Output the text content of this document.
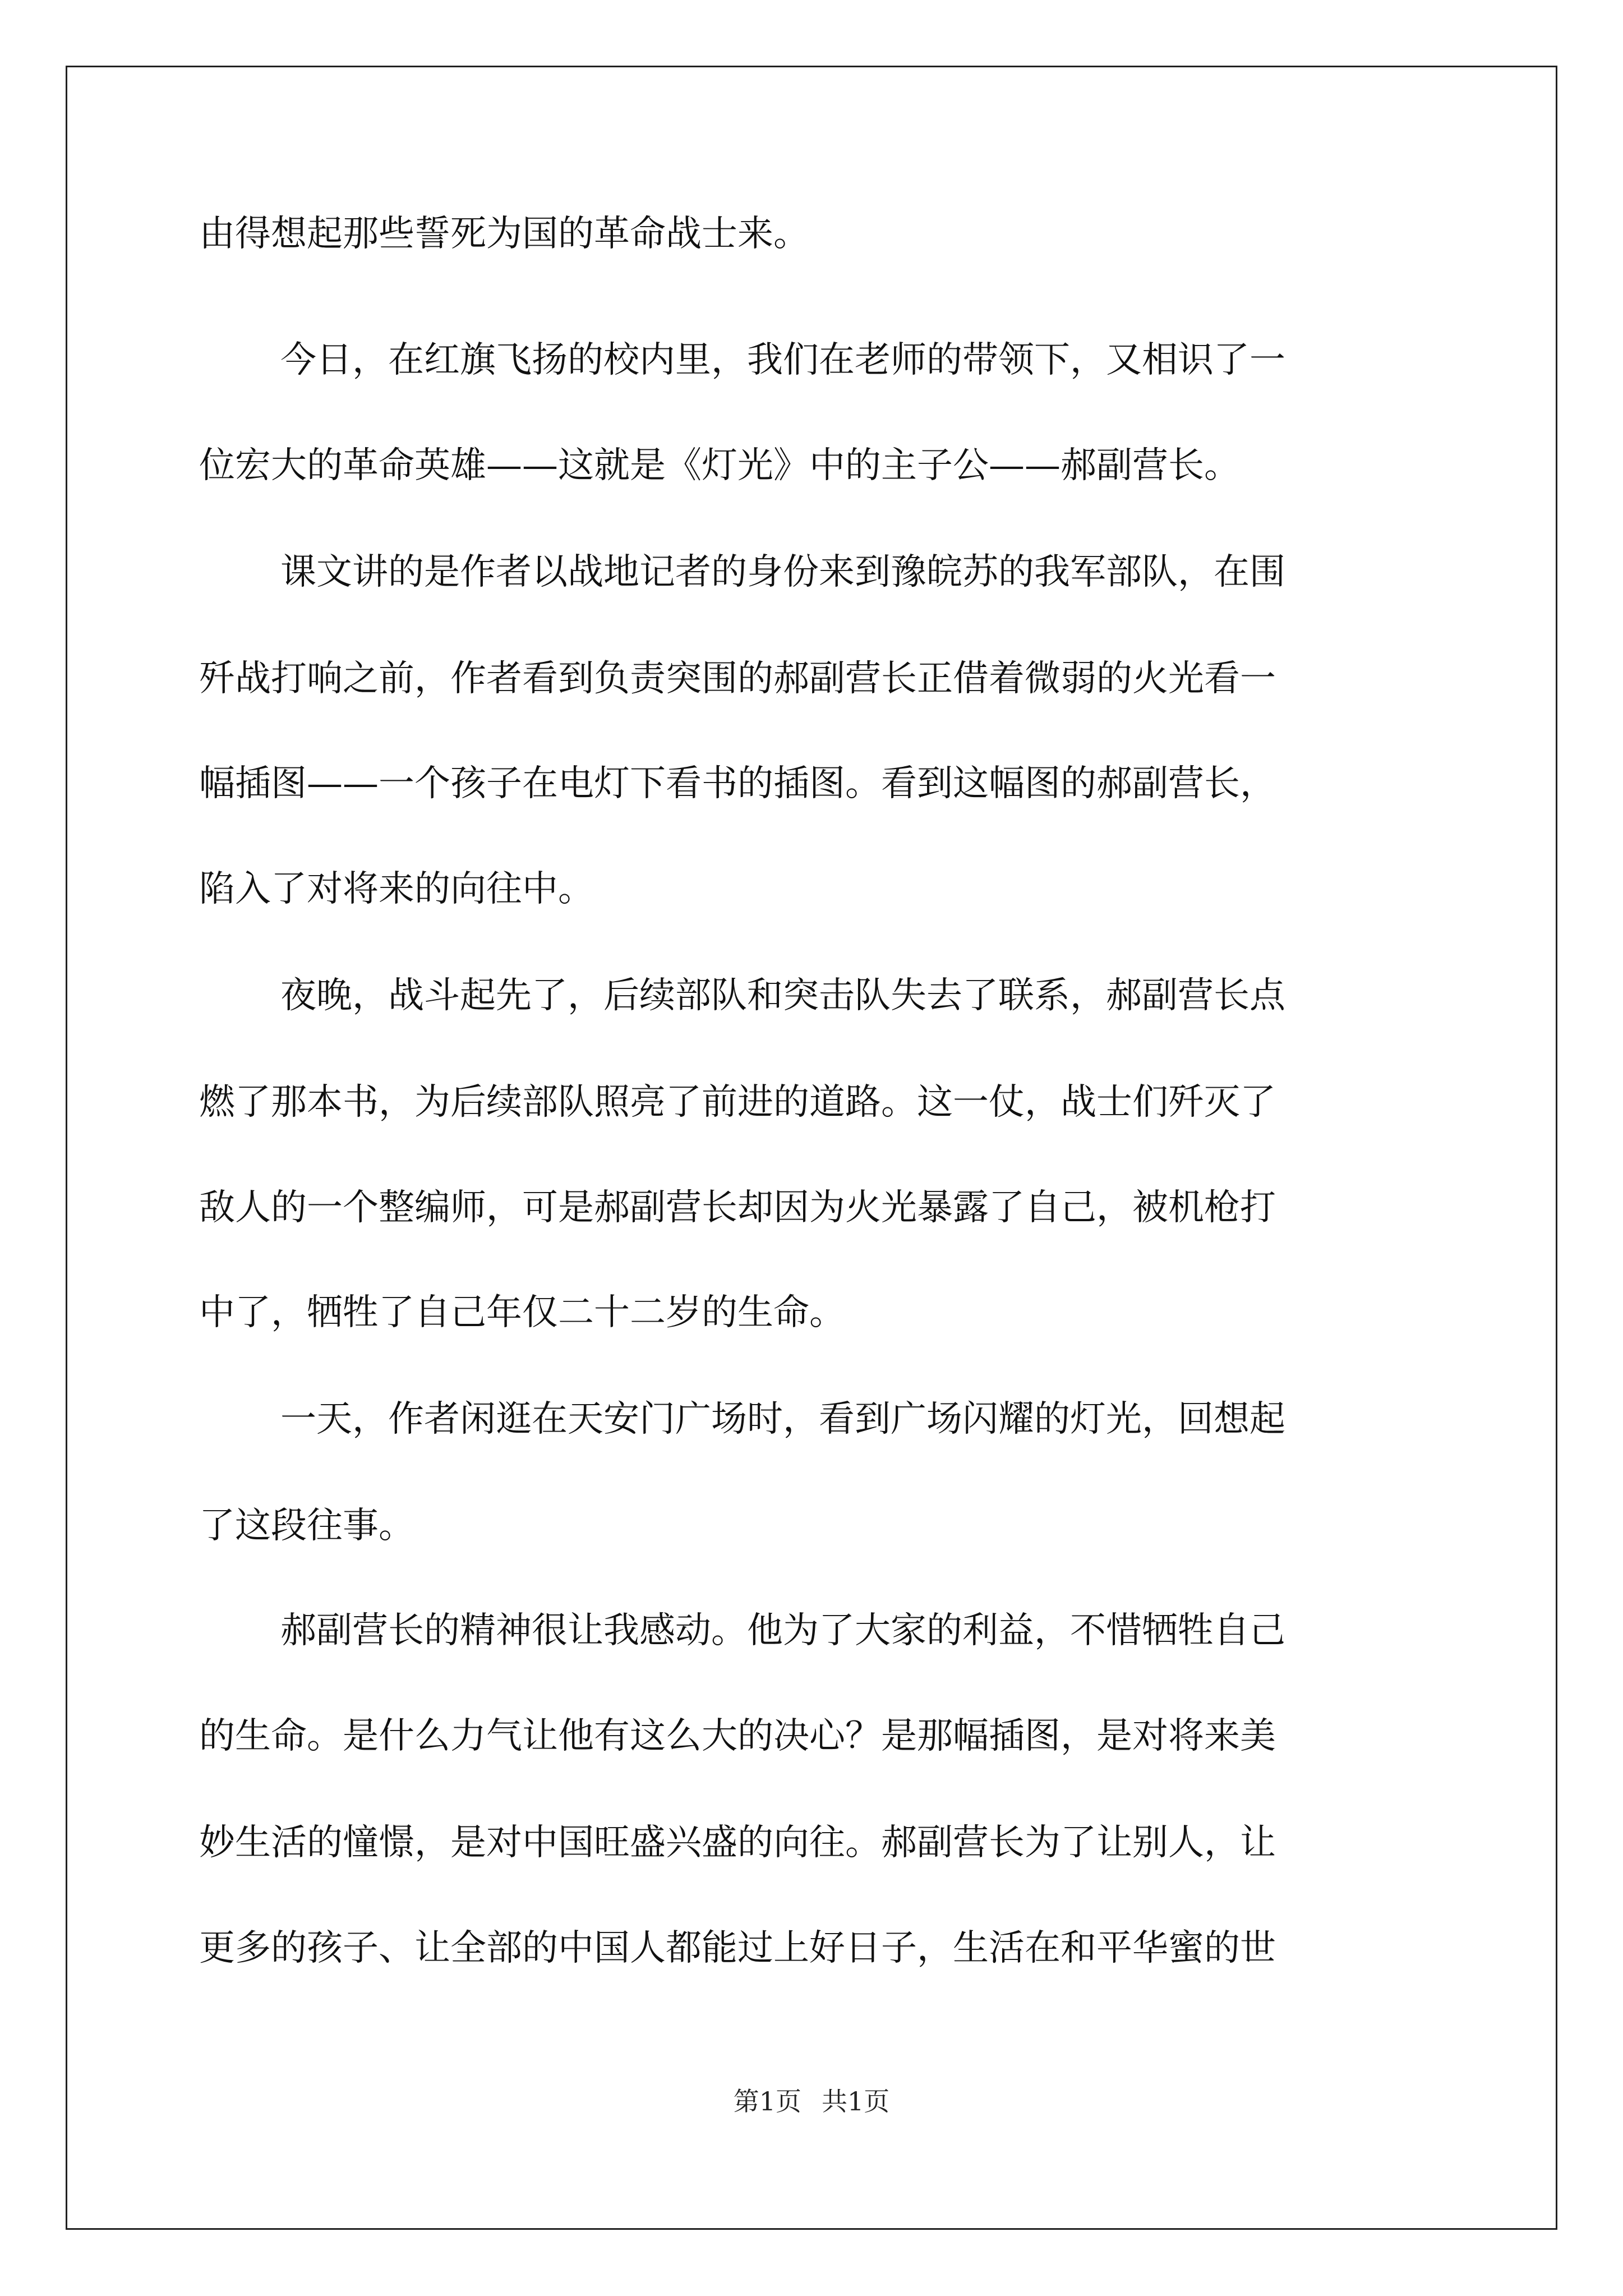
由得想起那些誓死为国的革命战士来。
今日，在红旗飞扬的校内里，我们在老师的带领下，又相识了一
位宏大的革命英雄——这就是《灯光》中的主子公——郝副营长。
课文讲的是作者以战地记者的身份来到豫皖苏的我军部队，在围
歼战打响之前，作者看到负责突围的郝副营长正借着微弱的火光看一
幅插图——一个孩子在电灯下看书的插图。看到这幅图的郝副营长，
陷入了对将来的向往中。
夜晚，战斗起先了，后续部队和突击队失去了联系，郝副营长点
燃了那本书，为后续部队照亮了前进的道路。这一仗，战士们歼灭了
敌人的一个整编师，可是郝副营长却因为火光暴露了自己，被机枪打
中了，牺牲了自己年仅二十二岁的生命。
一天，作者闲逛在天安门广场时，看到广场闪耀的灯光，回想起
了这段往事。
郝副营长的精神很让我感动。他为了大家的利益，不惜牺牲自己
的生命。是什么力气让他有这么大的决心？是那幅插图，是对将来美
妙生活的憧憬，是对中国旺盛兴盛的向往。郝副营长为了让别人，让
更多的孩子、让全部的中国人都能过上好日子，生活在和平华蜜的世
第1页 共1页
